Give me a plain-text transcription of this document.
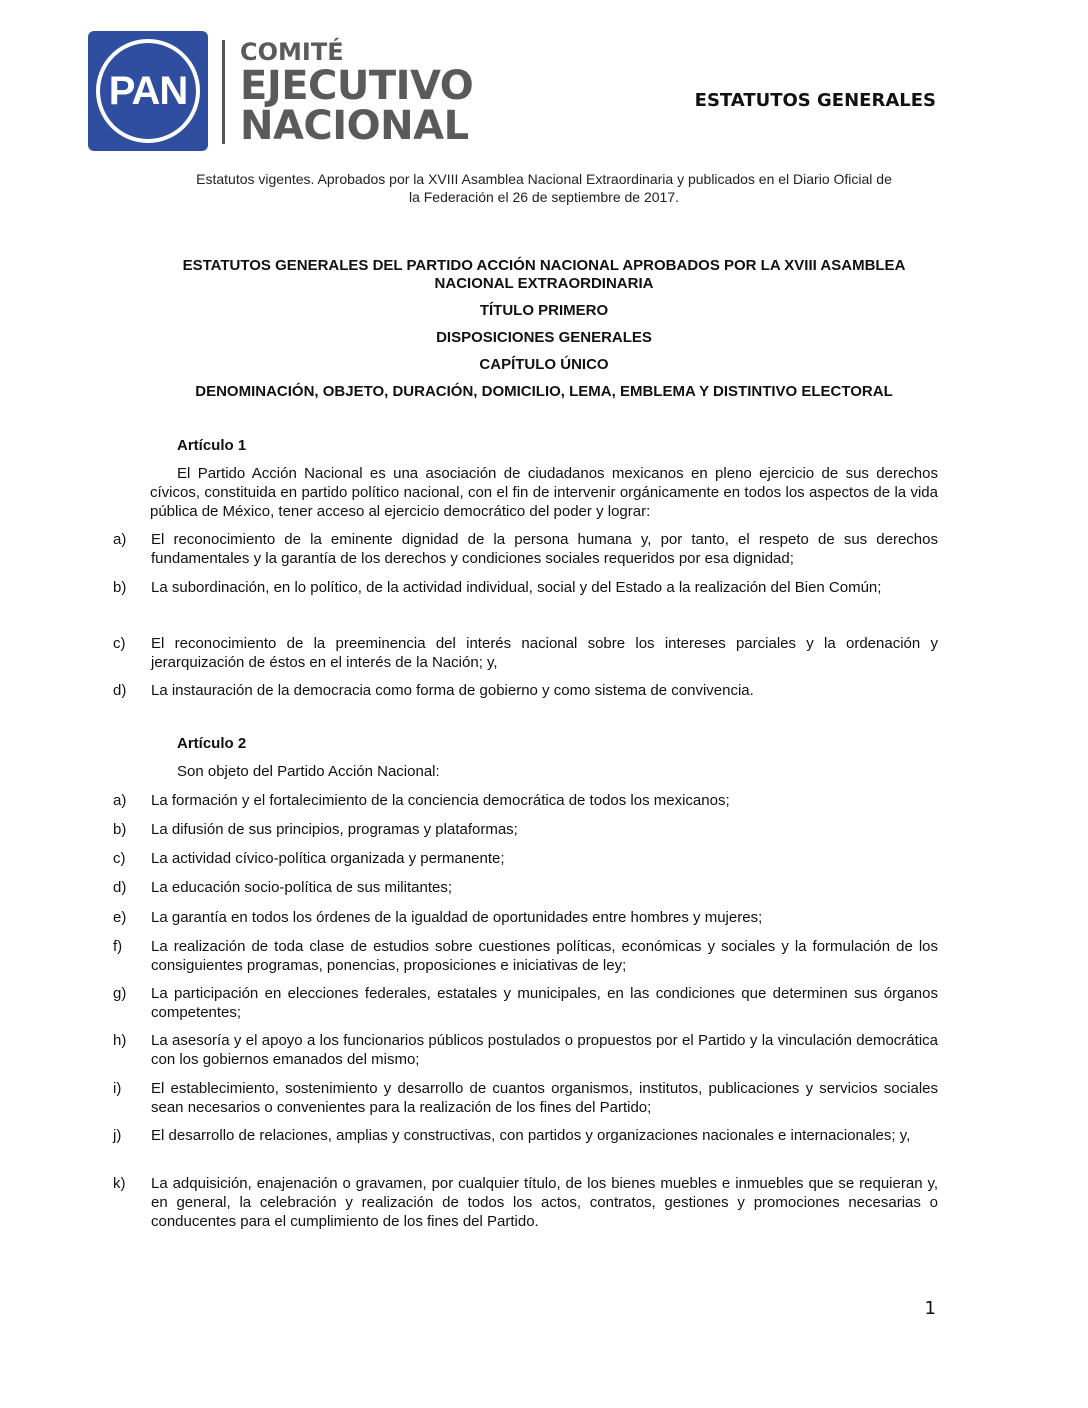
PAN
COMITÉ
EJECUTIVO
NACIONAL
ESTATUTOS GENERALES
Estatutos vigentes. Aprobados por la XVIII Asamblea Nacional Extraordinaria y publicados en el Diario Oficial de
la Federación el 26 de septiembre de 2017.
ESTATUTOS GENERALES DEL PARTIDO ACCIÓN NACIONAL APROBADOS POR LA XVIII ASAMBLEA
NACIONAL EXTRAORDINARIA
TÍTULO PRIMERO
DISPOSICIONES GENERALES
CAPÍTULO ÚNICO
DENOMINACIÓN, OBJETO, DURACIÓN, DOMICILIO, LEMA, EMBLEMA Y DISTINTIVO ELECTORAL
Artículo 1
El Partido Acción Nacional es una asociación de ciudadanos mexicanos en pleno ejercicio de sus derechos cívicos, constituida en partido político nacional, con el fin de intervenir orgánicamente en todos los aspectos de la vida pública de México, tener acceso al ejercicio democrático del poder y lograr:
a) El reconocimiento de la eminente dignidad de la persona humana y, por tanto, el respeto de sus derechos fundamentales y la garantía de los derechos y condiciones sociales requeridos por esa dignidad;
b) La subordinación, en lo político, de la actividad individual, social y del Estado a la realización del Bien Común;
c) El reconocimiento de la preeminencia del interés nacional sobre los intereses parciales y la ordenación y jerarquización de éstos en el interés de la Nación; y,
d) La instauración de la democracia como forma de gobierno y como sistema de convivencia.
Artículo 2
Son objeto del Partido Acción Nacional:
a) La formación y el fortalecimiento de la conciencia democrática de todos los mexicanos;
b) La difusión de sus principios, programas y plataformas;
c) La actividad cívico-política organizada y permanente;
d) La educación socio-política de sus militantes;
e) La garantía en todos los órdenes de la igualdad de oportunidades entre hombres y mujeres;
f) La realización de toda clase de estudios sobre cuestiones políticas, económicas y sociales y la formulación de los consiguientes programas, ponencias, proposiciones e iniciativas de ley;
g) La participación en elecciones federales, estatales y municipales, en las condiciones que determinen sus órganos competentes;
h) La asesoría y el apoyo a los funcionarios públicos postulados o propuestos por el Partido y la vinculación democrática con los gobiernos emanados del mismo;
i) El establecimiento, sostenimiento y desarrollo de cuantos organismos, institutos, publicaciones y servicios sociales sean necesarios o convenientes para la realización de los fines del Partido;
j) El desarrollo de relaciones, amplias y constructivas, con partidos y organizaciones nacionales e internacionales; y,
k) La adquisición, enajenación o gravamen, por cualquier título, de los bienes muebles e inmuebles que se requieran y, en general, la celebración y realización de todos los actos, contratos, gestiones y promociones necesarias o conducentes para el cumplimiento de los fines del Partido.
1
